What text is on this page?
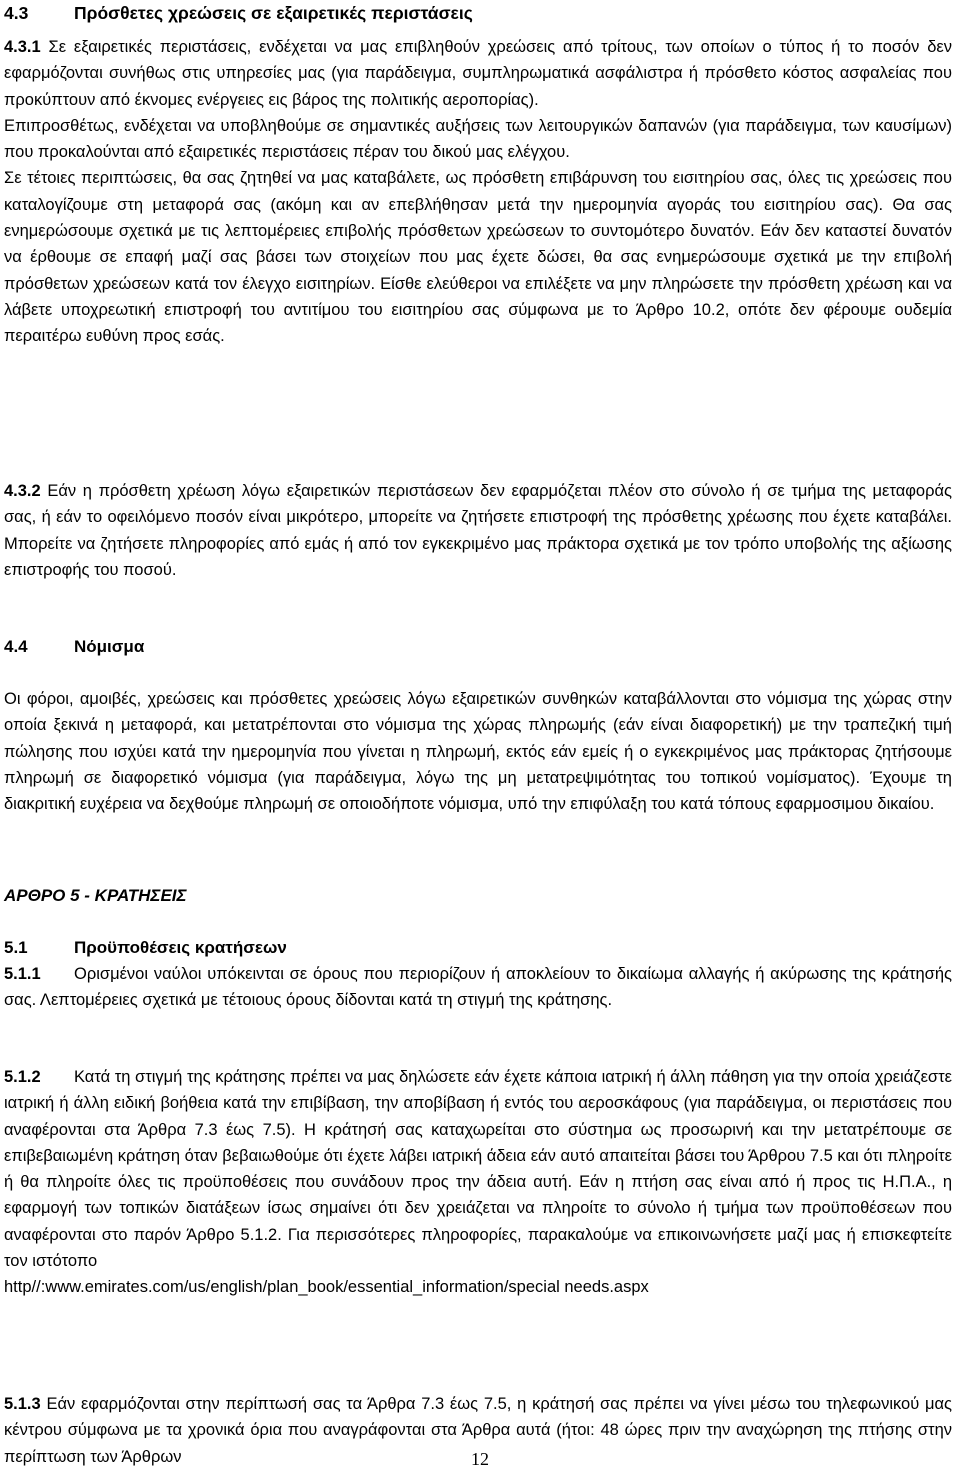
4.3	Πρόσθετες χρεώσεις σε εξαιρετικές περιστάσεις

4.3.1 Σε εξαιρετικές περιστάσεις, ενδέχεται να μας επιβληθούν χρεώσεις από τρίτους, των οποίων ο τύπος ή το ποσόν δεν εφαρμόζονται συνήθως στις υπηρεσίες μας (για παράδειγμα, συμπληρωματικά ασφάλιστρα ή πρόσθετο κόστος ασφαλείας που προκύπτουν από έκνομες ενέργειες εις βάρος της πολιτικής αεροπορίας).

Επιπροσθέτως, ενδέχεται να υποβληθούμε σε σημαντικές αυξήσεις των λειτουργικών δαπανών (για παράδειγμα, των καυσίμων) που προκαλούνται από εξαιρετικές περιστάσεις πέραν του δικού μας ελέγχου.

Σε τέτοιες περιπτώσεις, θα σας ζητηθεί να μας καταβάλετε, ως πρόσθετη επιβάρυνση του εισιτηρίου σας, όλες τις χρεώσεις που καταλογίζουμε στη μεταφορά σας (ακόμη και αν επεβλήθησαν μετά την ημερομηνία αγοράς του εισιτηρίου σας). Θα σας ενημερώσουμε σχετικά με τις λεπτομέρειες επιβολής πρόσθετων χρεώσεων το συντομότερο δυνατόν. Εάν δεν καταστεί δυνατόν να έρθουμε σε επαφή μαζί σας βάσει των στοιχείων που μας έχετε δώσει, θα σας ενημερώσουμε σχετικά με την επιβολή πρόσθετων χρεώσεων κατά τον έλεγχο εισιτηρίων. Είσθε ελεύθεροι να επιλέξετε να μην πληρώσετε την πρόσθετη χρέωση και να λάβετε υποχρεωτική επιστροφή του αντιτίμου του εισιτηρίου σας σύμφωνα με το Άρθρο 10.2, οπότε δεν φέρουμε ουδεμία περαιτέρω ευθύνη προς εσάς.

4.3.2 Εάν η πρόσθετη χρέωση λόγω εξαιρετικών περιστάσεων δεν εφαρμόζεται πλέον στο σύνολο ή σε τμήμα της μεταφοράς σας, ή εάν το οφειλόμενο ποσόν είναι μικρότερο, μπορείτε να ζητήσετε επιστροφή της πρόσθετης χρέωσης που έχετε καταβάλει. Μπορείτε να ζητήσετε πληροφορίες από εμάς ή από τον εγκεκριμένο μας πράκτορα σχετικά με τον τρόπο υποβολής της αξίωσης επιστροφής του ποσού.

4.4	Νόμισμα

Οι φόροι, αμοιβές, χρεώσεις και πρόσθετες χρεώσεις λόγω εξαιρετικών συνθηκών καταβάλλονται στο νόμισμα της χώρας στην οποία ξεκινά η μεταφορά, και μετατρέπονται στο νόμισμα της χώρας πληρωμής (εάν είναι διαφορετική) με την τραπεζική τιμή πώλησης που ισχύει κατά την ημερομηνία που γίνεται η πληρωμή, εκτός εάν εμείς ή ο εγκεκριμένος μας πράκτορας ζητήσουμε πληρωμή σε διαφορετικό νόμισμα (για παράδειγμα, λόγω της μη μετατρεψιμότητας του τοπικού νομίσματος). Έχουμε τη διακριτική ευχέρεια να δεχθούμε πληρωμή σε οποιοδήποτε νόμισμα, υπό την επιφύλαξη του κατά τόπους εφαρμοσιμου δικαίου.

ΑΡΘΡΟ 5 - ΚΡΑΤΗΣΕΙΣ
5.1	Προϋποθέσεις κρατήσεων

5.1.1 Ορισμένοι ναύλοι υπόκεινται σε όρους που περιορίζουν ή αποκλείουν το δικαίωμα αλλαγής ή ακύρωσης της κράτησής σας. Λεπτομέρειες σχετικά με τέτοιους όρους δίδονται κατά τη στιγμή της κράτησης.

5.1.2 Κατά τη στιγμή της κράτησης πρέπει να μας δηλώσετε εάν έχετε κάποια ιατρική ή άλλη πάθηση για την οποία χρειάζεστε ιατρική ή άλλη ειδική βοήθεια κατά την επιβίβαση, την αποβίβαση ή εντός του αεροσκάφους (για παράδειγμα, οι περιστάσεις που αναφέρονται στα Άρθρα 7.3 έως 7.5). Η κράτησή σας καταχωρείται στο σύστημα ως προσωρινή και την μετατρέπουμε σε επιβεβαιωμένη κράτηση όταν βεβαιωθούμε ότι έχετε λάβει ιατρική άδεια εάν αυτό απαιτείται βάσει του Άρθρου 7.5 και ότι πληροίτε ή θα πληροίτε όλες τις προϋποθέσεις που συνάδουν προς την άδεια αυτή. Εάν η πτήση σας είναι από ή προς τις Η.Π.Α., η εφαρμογή των τοπικών διατάξεων ίσως σημαίνει ότι δεν χρειάζεται να πληροίτε το σύνολο ή τμήμα των προϋποθέσεων που αναφέρονται στο παρόν Άρθρο 5.1.2. Για περισσότερες πληροφορίες, παρακαλούμε να επικοινωνήσετε μαζί μας ή επισκεφτείτε τον ιστότοπο

http//:www.emirates.com/us/english/plan_book/essential_information/special needs.aspx

5.1.3 Εάν εφαρμόζονται στην περίπτωσή σας τα Άρθρα 7.3 έως 7.5, η κράτησή σας πρέπει να γίνει μέσω του τηλεφωνικού μας κέντρου σύμφωνα με τα χρονικά όρια που αναγράφονται στα Άρθρα αυτά (ήτοι: 48 ώρες πριν την αναχώρηση της πτήσης στην περίπτωση των Άρθρων	12
